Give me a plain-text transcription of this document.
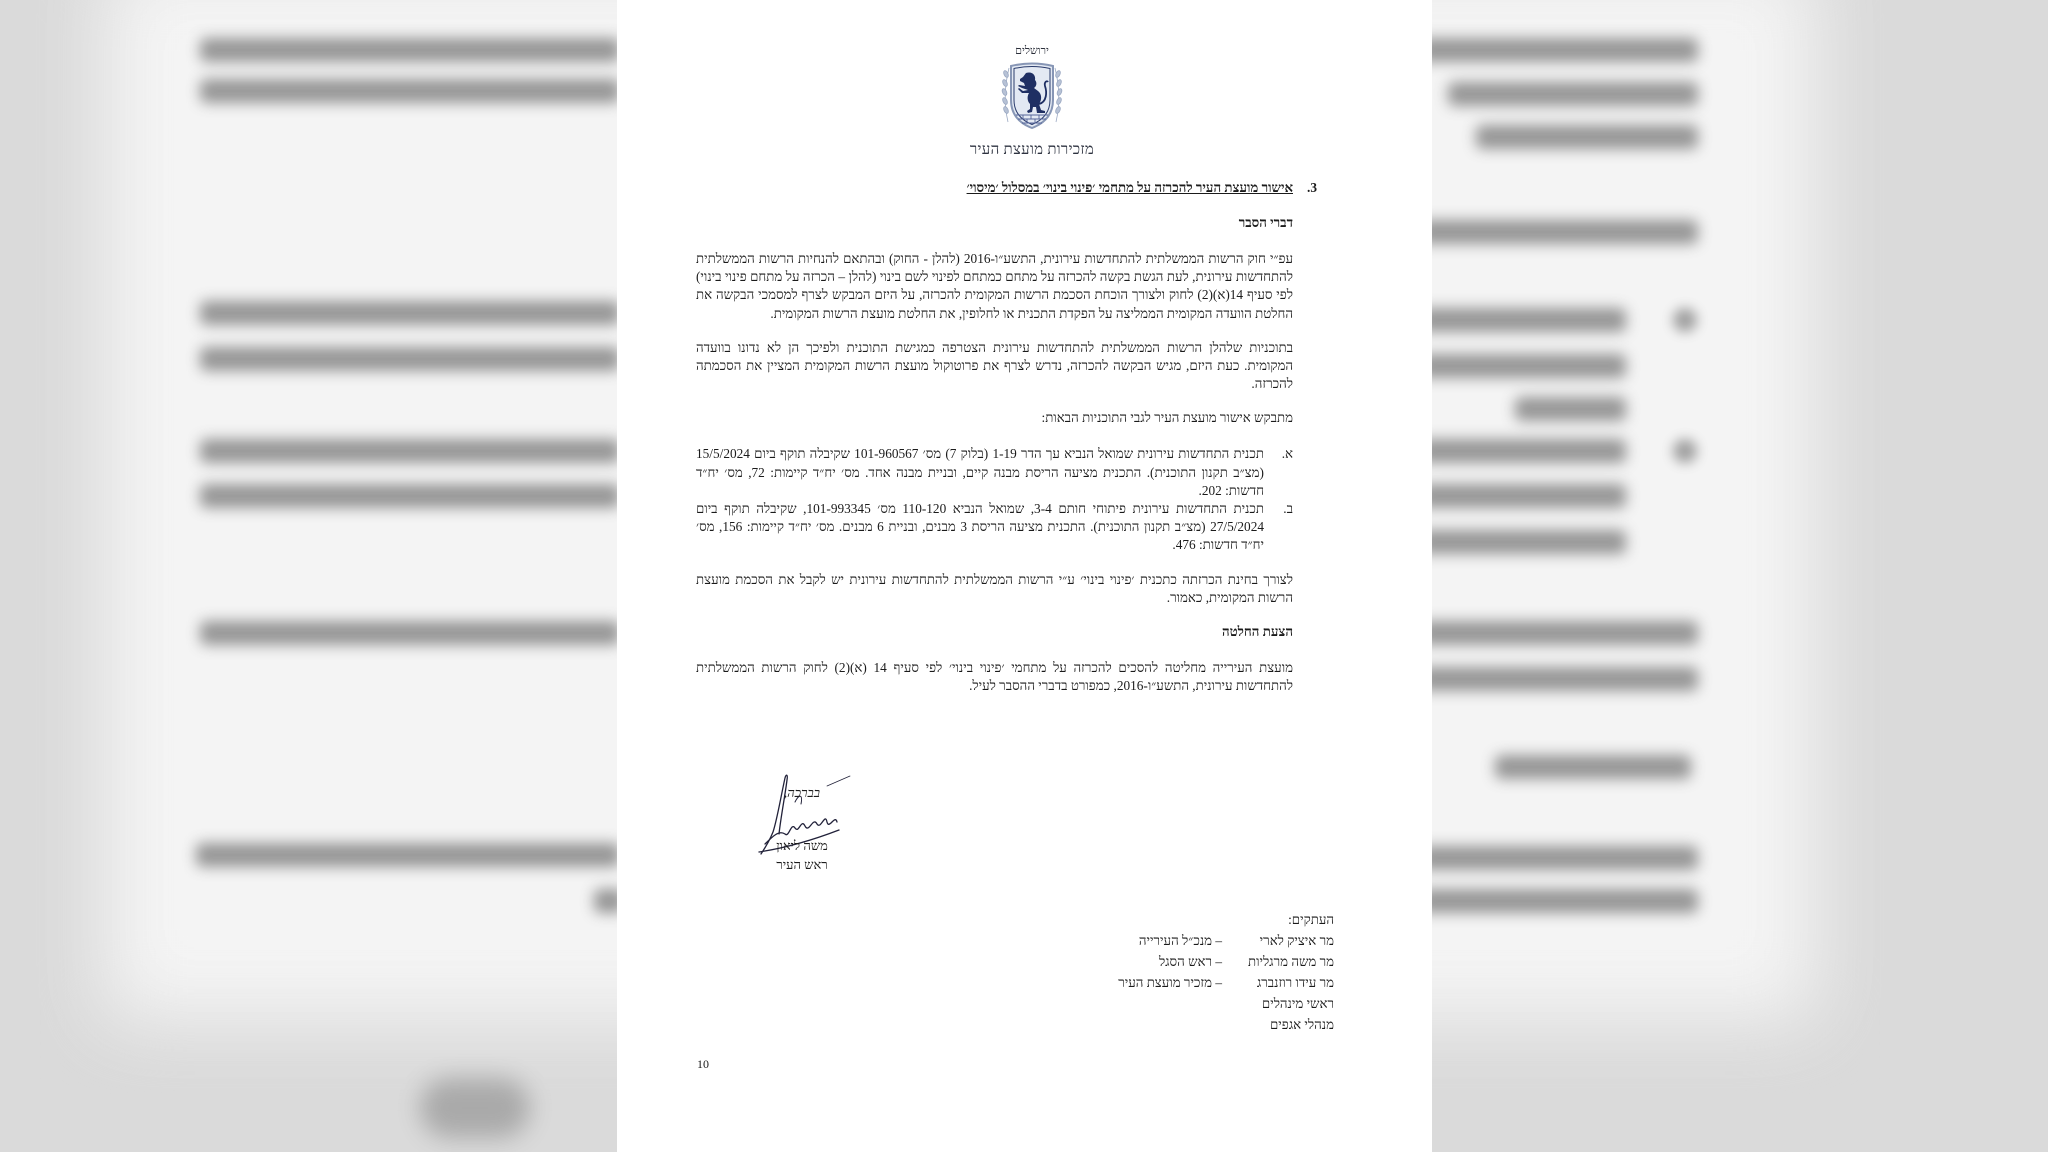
ירושלים
מזכירות מועצת העיר
3.
אישור מועצת העיר להכרזה על מתחמי ׳פינוי בינוי׳ במסלול ׳מיסוי׳
דברי הסבר

עפ״י חוק הרשות הממשלתית להתחדשות עירונית, התשע״ו-2016 (להלן - החוק) ובהתאם להנחיות הרשות הממשלתית להתחדשות עירונית, לעת הגשת בקשה להכרזה על מתחם כמתחם לפינוי לשם בינוי (להלן – הכרזה על מתחם פינוי בינוי) לפי סעיף 14(א)(2) לחוק ולצורך הוכחת הסכמת הרשות המקומית להכרזה, על היזם המבקש לצרף למסמכי הבקשה את החלטת הוועדה המקומית הממליצה על הפקדת התכנית או לחלופין, את החלטת מועצת הרשות המקומית.

בתוכניות שלהלן הרשות הממשלתית להתחדשות עירונית הצטרפה כמגישת התוכנית ולפיכך הן לא נדונו בוועדה המקומית. כעת היזם, מגיש הבקשה להכרזה, נדרש לצרף את פרוטוקול מועצת הרשות המקומית המציין את הסכמתה להכרזה.

מתבקש אישור מועצת העיר לגבי התוכניות הבאות:
א.
תכנית התחדשות עירונית שמואל הנביא עך הדר 1-19 (בלוק 7) מס׳ 101-960567 שקיבלה תוקף ביום 15/5/2024 (מצ״ב תקנון התוכנית). התכנית מציעה הריסת מבנה קיים, ובניית מבנה אחד. מס׳ יח״ד קיימות: 72, מס׳ יח״ד חדשות: 202.
ב.
תכנית התחדשות עירונית פיתוחי חותם 3-4, שמואל הנביא 110-120 מס׳ 101-993345, שקיבלה תוקף ביום 27/5/2024 (מצ״ב תקנון התוכנית). התכנית מציעה הריסת 3 מבנים, ובניית 6 מבנים. מס׳ יח״ד קיימות: 156, מס׳ יח״ד חדשות: 476.

לצורך בחינת הכרזתה כתכנית ׳פינוי בינוי׳ ע״י הרשות הממשלתית להתחדשות עירונית יש לקבל את הסכמת מועצת הרשות המקומית, כאמור.

הצעת החלטה

מועצת העירייה מחליטה להסכים להכרזה על מתחמי ׳פינוי בינוי׳ לפי סעיף 14 (א)(2) לחוק הרשות הממשלתית להתחדשות עירונית, התשע״ו-2016, כמפורט בדברי ההסבר לעיל.

בברכה,
משה ליאון
ראש העיר
העתקים:
מר איציק לארי
– מנכ״ל העירייה
מר משה מרגליות
– ראש הסגל
מר עידו רוזנברג
– מזכיר מועצת העיר
ראשי מינהלים
מנהלי אגפים
10
